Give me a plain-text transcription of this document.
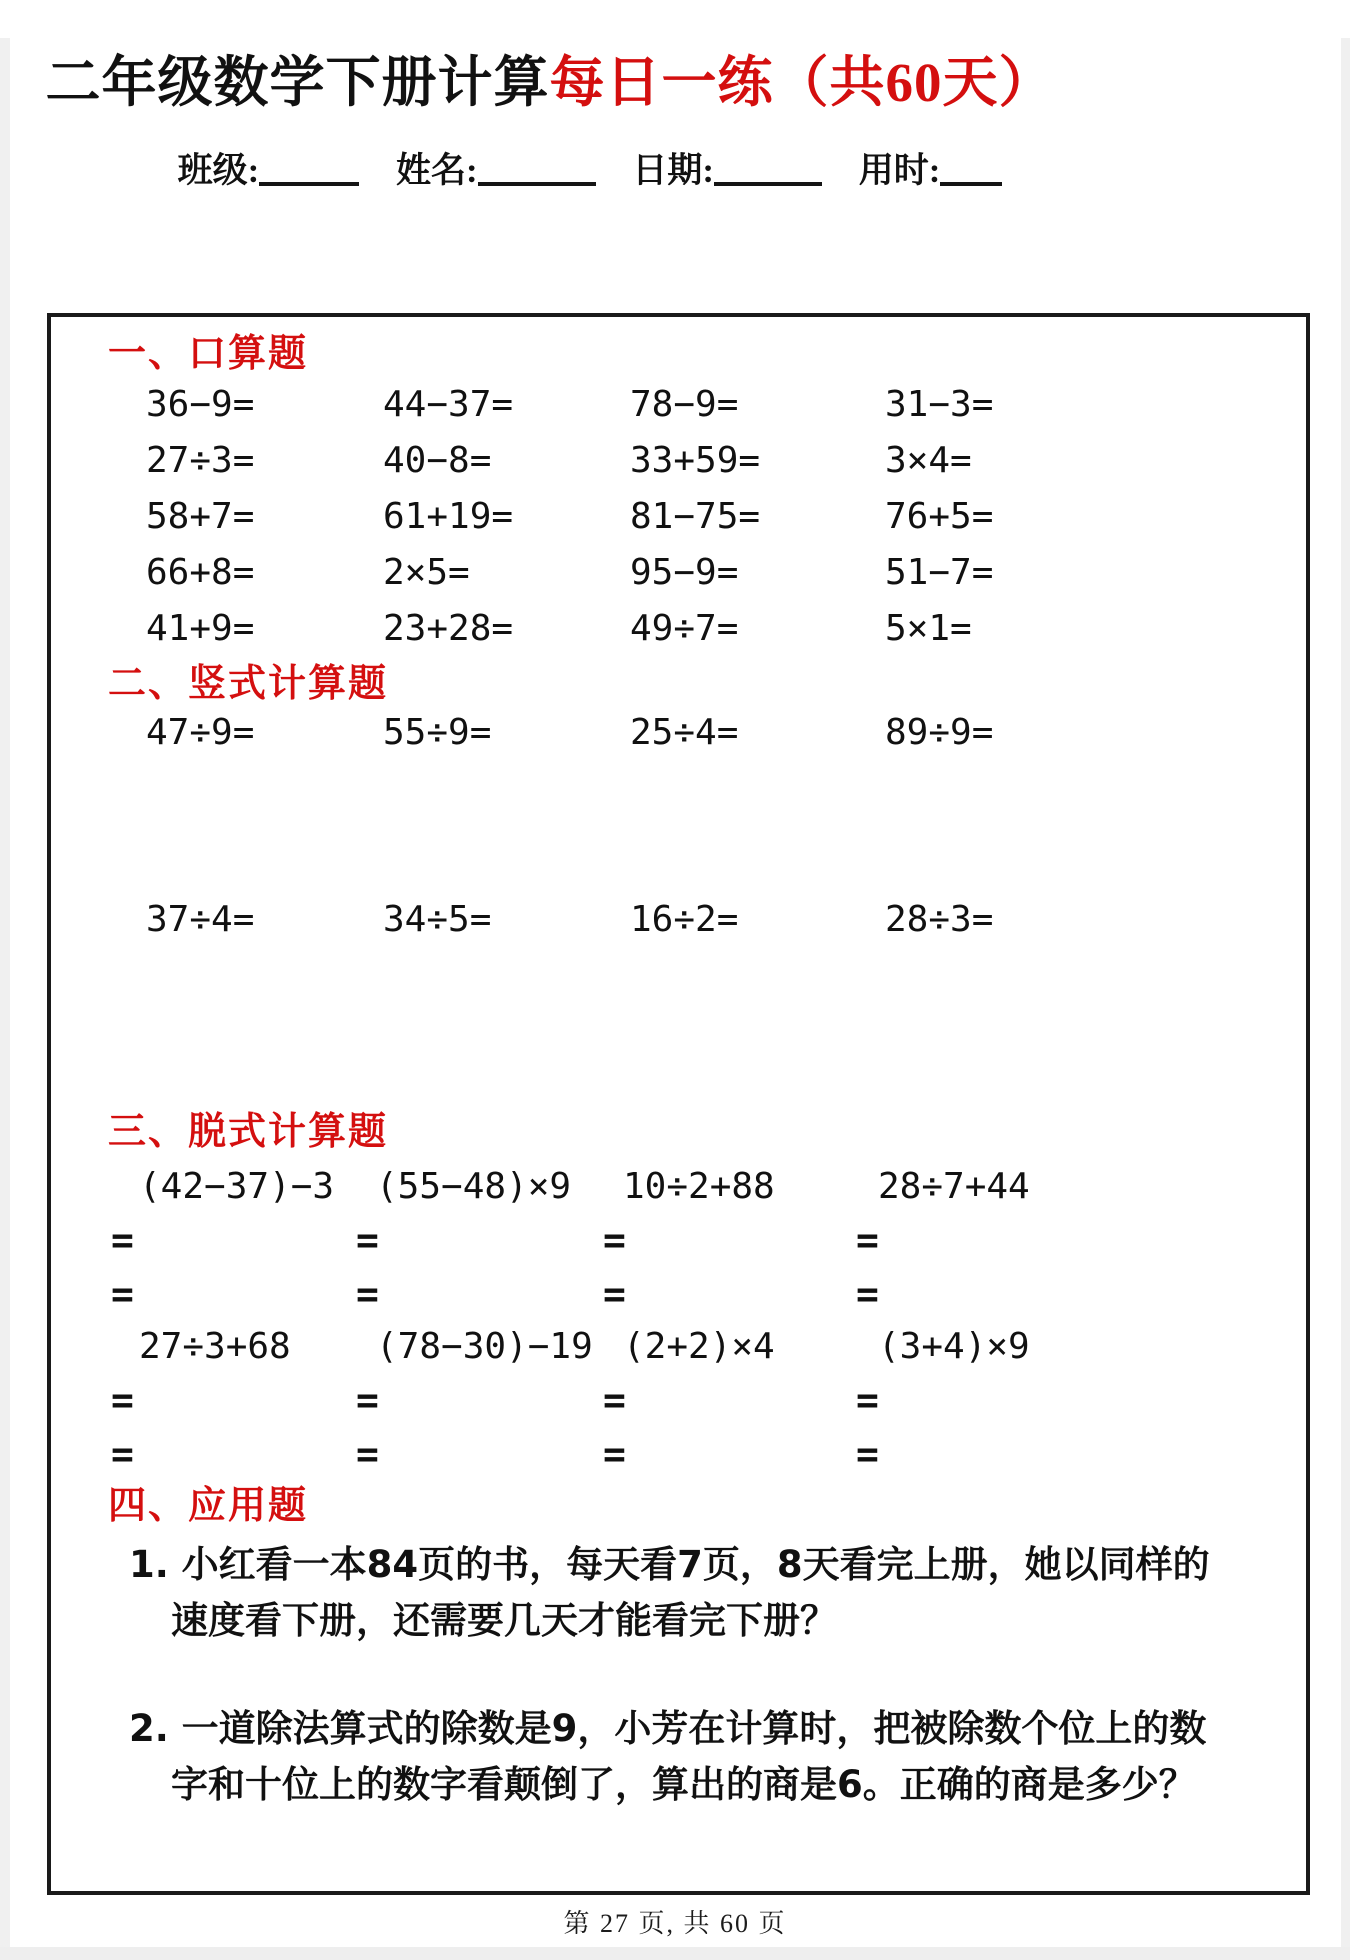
二年级数学下册计算每日一练（共60天）
班级:	姓名:	日期:	用时:
一、口算题
36−9=	44−37=	78−9=	31−3=
27÷3=	40−8=	33+59=	3×4=
58+7=	61+19=	81−75=	76+5=
66+8=	2×5=	95−9=	51−7=
41+9=	23+28=	49÷7=	5×1=
二、竖式计算题
47÷9=	55÷9=	25÷4=	89÷9=
37÷4=	34÷5=	16÷2=	28÷3=
三、脱式计算题
(42−37)−3	(55−48)×9	10÷2+88	28÷7+44
=	=	=	=
=	=	=	=
27÷3+68	(78−30)−19 (2+2)×4	(3+4)×9
=	=	=	=
=	=	=	=
四、应用题

1. 小红看一本84页的书，每天看7页，8天看完上册，她以同样的速度看下册，还需要几天才能看完下册？

2. 一道除法算式的除数是9，小芳在计算时，把被除数个位上的数字和十位上的数字看颠倒了，算出的商是6。正确的商是多少？

第 27 页, 共 60 页
